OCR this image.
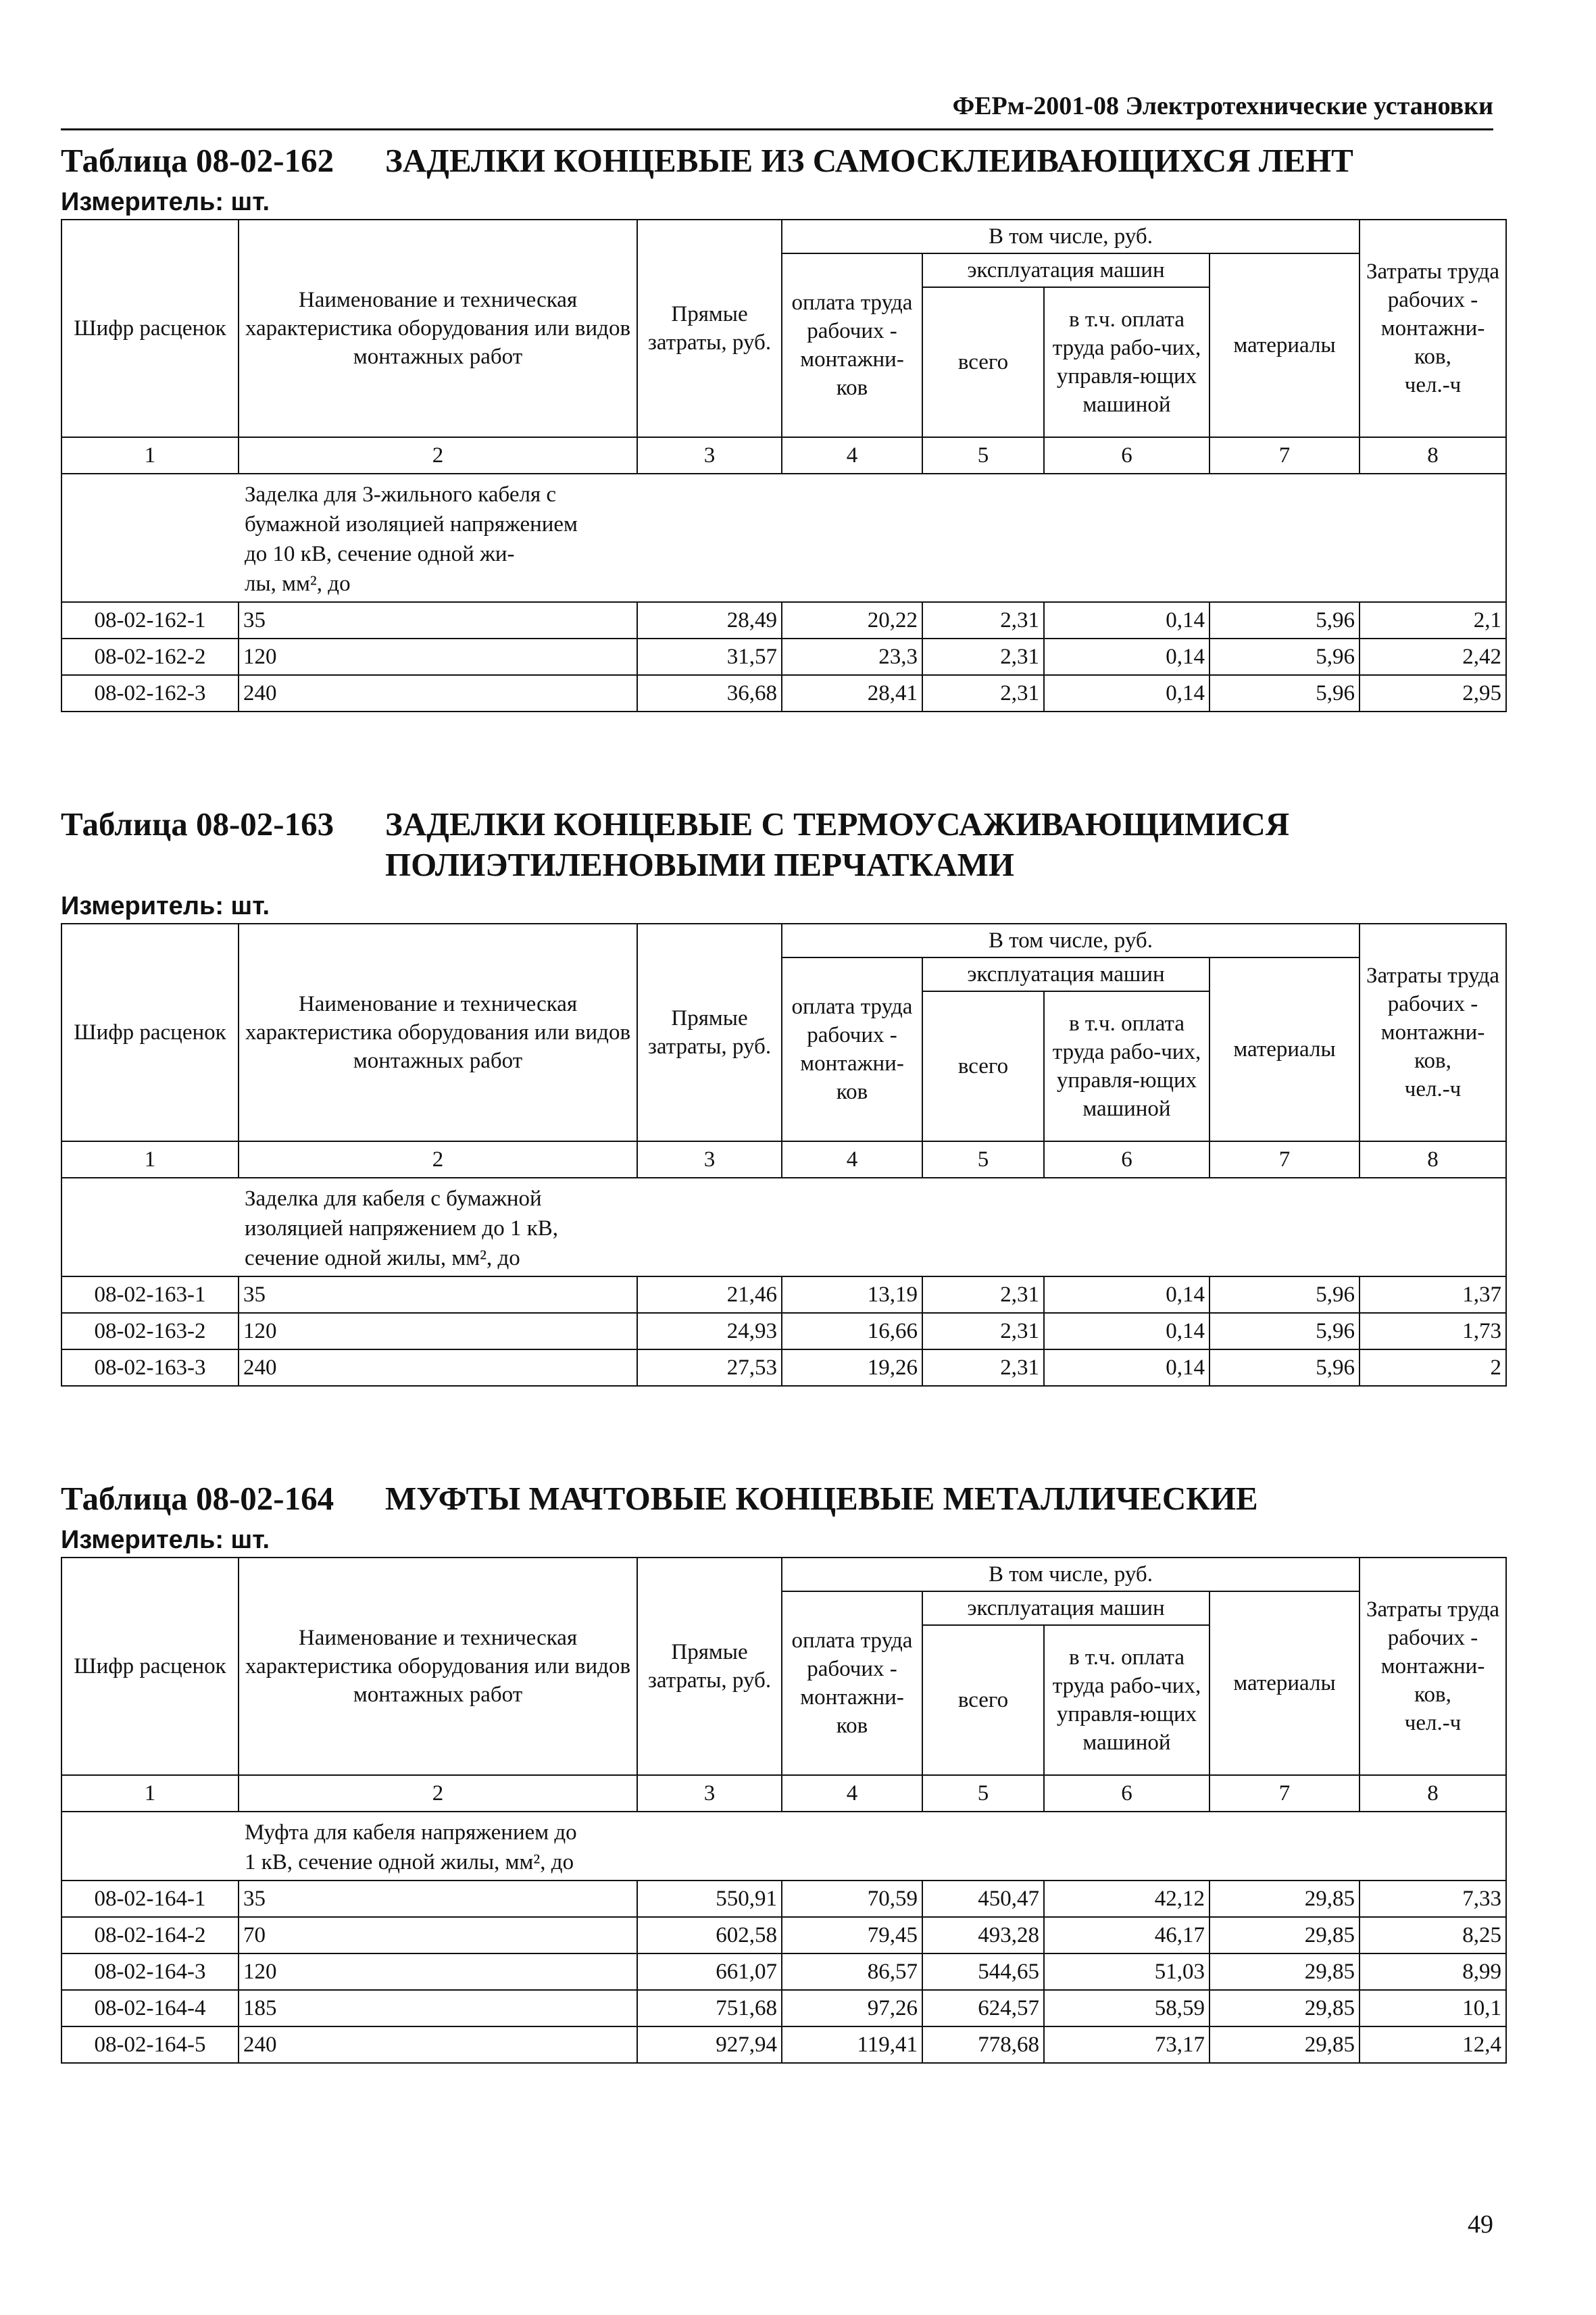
ФЕРм-2001-08 Электротехнические установки
Таблица 08-02-162	ЗАДЕЛКИ КОНЦЕВЫЕ ИЗ САМОСКЛЕИВАЮЩИХСЯ ЛЕНТ
Измеритель: шт.
Шифр расценок	Наименование и техническая характеристика оборудования или видов монтажных работ	Прямые затраты, руб.	В том числе, руб.				Затраты труда рабочих - монтажни-ков,
чел.-ч

			оплата труда рабочих - монтажни-ков	эксплуатация машин		материалы	
				всего	в т.ч. оплата труда рабо-чих, управля-ющих машиной		
1	2	3	4	5	6	7	8

Заделка для 3-жильного кабеля с
бумажной изоляцией напряжением
до 10 кВ, сечение одной жи-
лы, мм², до							

08-02-162-1	35	28,49	20,22	2,31	0,14	5,96	2,1
08-02-162-2	120	31,57	23,3	2,31	0,14	5,96	2,42
08-02-162-3	240	36,68	28,41	2,31	0,14	5,96	2,95
Таблица 08-02-163	ЗАДЕЛКИ КОНЦЕВЫЕ С ТЕРМОУСАЖИВАЮЩИМИСЯ
ПОЛИЭТИЛЕНОВЫМИ ПЕРЧАТКАМИ
Измеритель: шт.
Шифр расценок	Наименование и техническая характеристика оборудования или видов монтажных работ	Прямые затраты, руб.	В том числе, руб.				Затраты труда рабочих - монтажни-ков,
чел.-ч

			оплата труда рабочих - монтажни-ков	эксплуатация машин		материалы	
				всего	в т.ч. оплата труда рабо-чих, управля-ющих машиной		
1	2	3	4	5	6	7	8

Заделка для кабеля с бумажной
изоляцией напряжением до 1 кВ,
сечение одной жилы, мм², до							

08-02-163-1	35	21,46	13,19	2,31	0,14	5,96	1,37
08-02-163-2	120	24,93	16,66	2,31	0,14	5,96	1,73
08-02-163-3	240	27,53	19,26	2,31	0,14	5,96	2
Таблица 08-02-164	МУФТЫ МАЧТОВЫЕ КОНЦЕВЫЕ МЕТАЛЛИЧЕСКИЕ
Измеритель: шт.
Шифр расценок	Наименование и техническая характеристика оборудования или видов монтажных работ	Прямые затраты, руб.	В том числе, руб.				Затраты труда рабочих - монтажни-ков,
чел.-ч

			оплата труда рабочих - монтажни-ков	эксплуатация машин		материалы	
				всего	в т.ч. оплата труда рабо-чих, управля-ющих машиной		
1	2	3	4	5	6	7	8

Муфта для кабеля напряжением до
1 кВ, сечение одной жилы, мм², до							

08-02-164-1	35	550,91	70,59	450,47	42,12	29,85	7,33
08-02-164-2	70	602,58	79,45	493,28	46,17	29,85	8,25
08-02-164-3	120	661,07	86,57	544,65	51,03	29,85	8,99
08-02-164-4	185	751,68	97,26	624,57	58,59	29,85	10,1
08-02-164-5	240	927,94	119,41	778,68	73,17	29,85	12,4
49
